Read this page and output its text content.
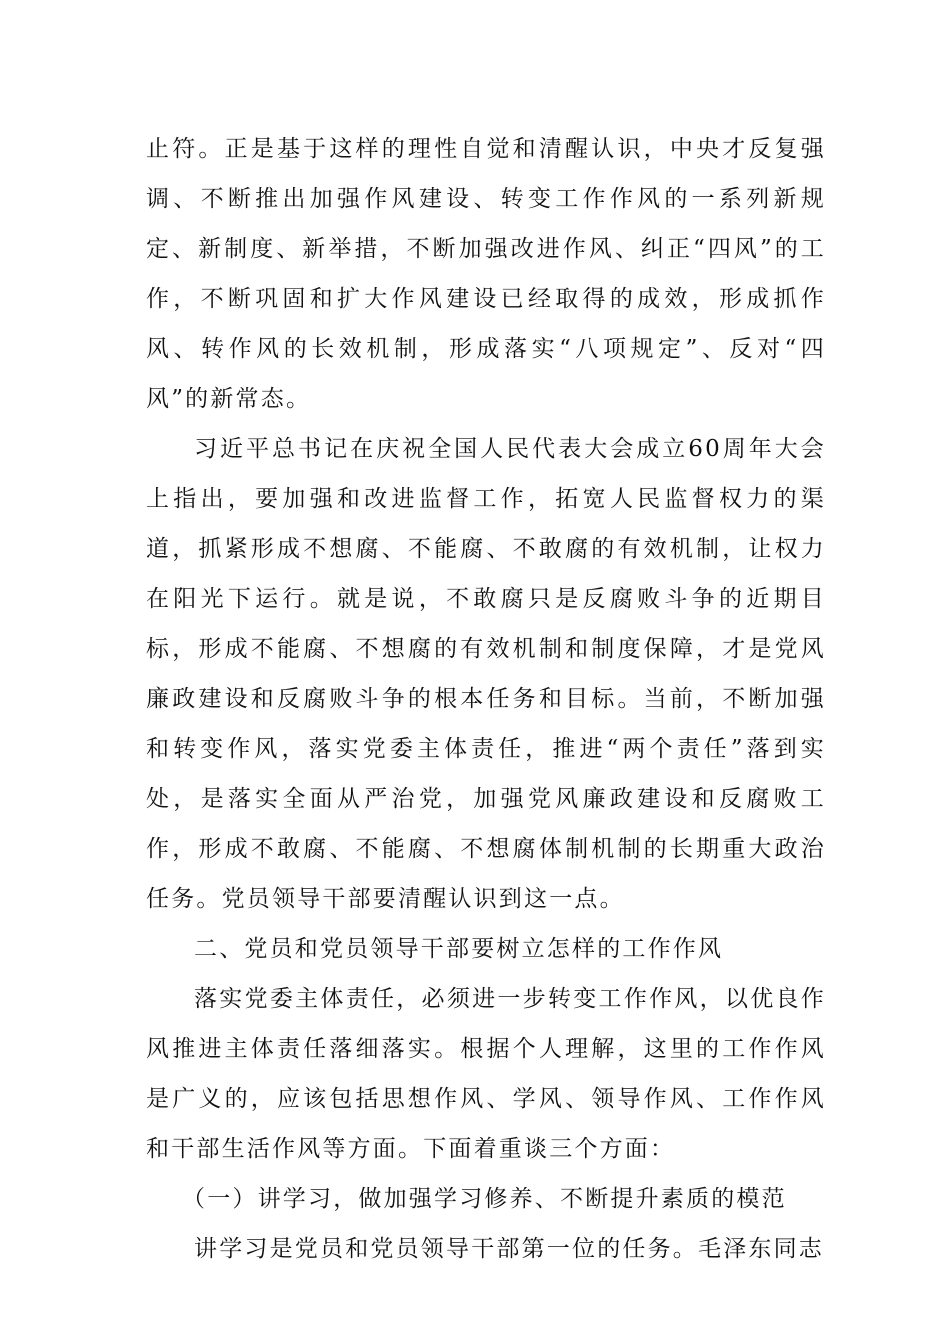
止符。正是基于这样的理性自觉和清醒认识，中央才反复强调、不断推出加强作风建设、转变工作作风的一系列新规定、新制度、新举措，不断加强改进作风、纠正“四风”的工作，不断巩固和扩大作风建设已经取得的成效，形成抓作风、转作风的长效机制，形成落实“八项规定”、反对“四风”的新常态。

习近平总书记在庆祝全国人民代表大会成立60周年大会上指出，要加强和改进监督工作，拓宽人民监督权力的渠道，抓紧形成不想腐、不能腐、不敢腐的有效机制，让权力在阳光下运行。就是说，不敢腐只是反腐败斗争的近期目标，形成不能腐、不想腐的有效机制和制度保障，才是党风廉政建设和反腐败斗争的根本任务和目标。当前，不断加强和转变作风，落实党委主体责任，推进“两个责任”落到实处，是落实全面从严治党，加强党风廉政建设和反腐败工作，形成不敢腐、不能腐、不想腐体制机制的长期重大政治任务。党员领导干部要清醒认识到这一点。

二、党员和党员领导干部要树立怎样的工作作风

落实党委主体责任，必须进一步转变工作作风，以优良作风推进主体责任落细落实。根据个人理解，这里的工作作风是广义的，应该包括思想作风、学风、领导作风、工作作风和干部生活作风等方面。下面着重谈三个方面：

（一）讲学习，做加强学习修养、不断提升素质的模范

讲学习是党员和党员领导干部第一位的任务。毛泽东同志
